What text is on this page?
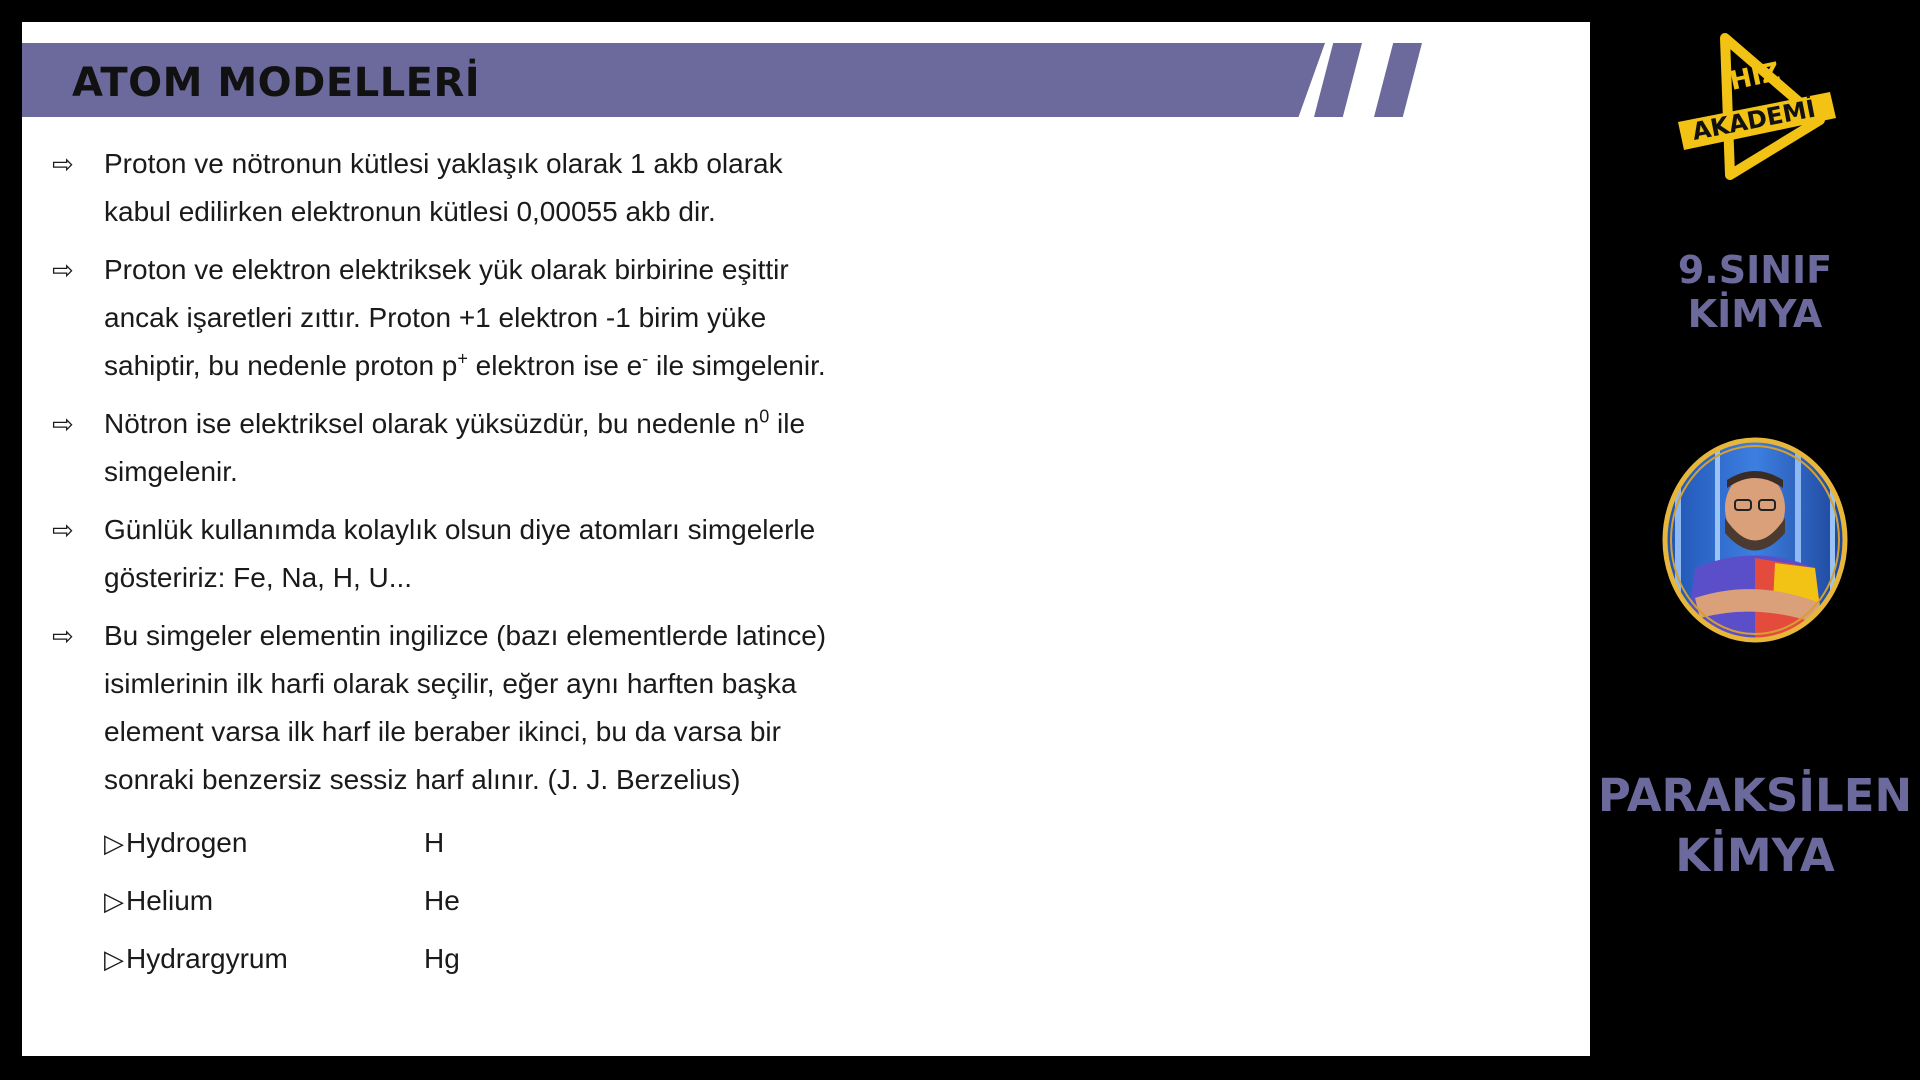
ATOM MODELLERİ
⇨ Proton ve nötronun kütlesi yaklaşık olarak 1 akb olarak
kabul edilirken elektronun kütlesi 0,00055 akb dir.
⇨ Proton ve elektron elektriksek yük olarak birbirine eşittir
ancak işaretleri zıttır. Proton +1 elektron -1 birim yüke
sahiptir, bu nedenle proton p+ elektron ise e- ile simgelenir.
⇨ Nötron ise elektriksel olarak yüksüzdür, bu nedenle $n^0$ ile
simgelenir.
⇨ Günlük kullanımda kolaylık olsun diye atomları simgelerle
gösteririz: Fe, Na, H, U...
⇨ Bu simgeler elementin ingilizce (bazı elementlerde latince)
isimlerinin ilk harfi olarak seçilir, eğer aynı harften başka
element varsa ilk harf ile beraber ikinci, bu da varsa bir
sonraki benzersiz sessiz harf alınır. (J. J. Berzelius)
▷ Hydrogen	H
▷ Helium	He
▷ Hydrargyrum	Hg
HIZ
AKADEMİ
9.SINIF
KİMYA
PARAKSİLEN
KİMYA
